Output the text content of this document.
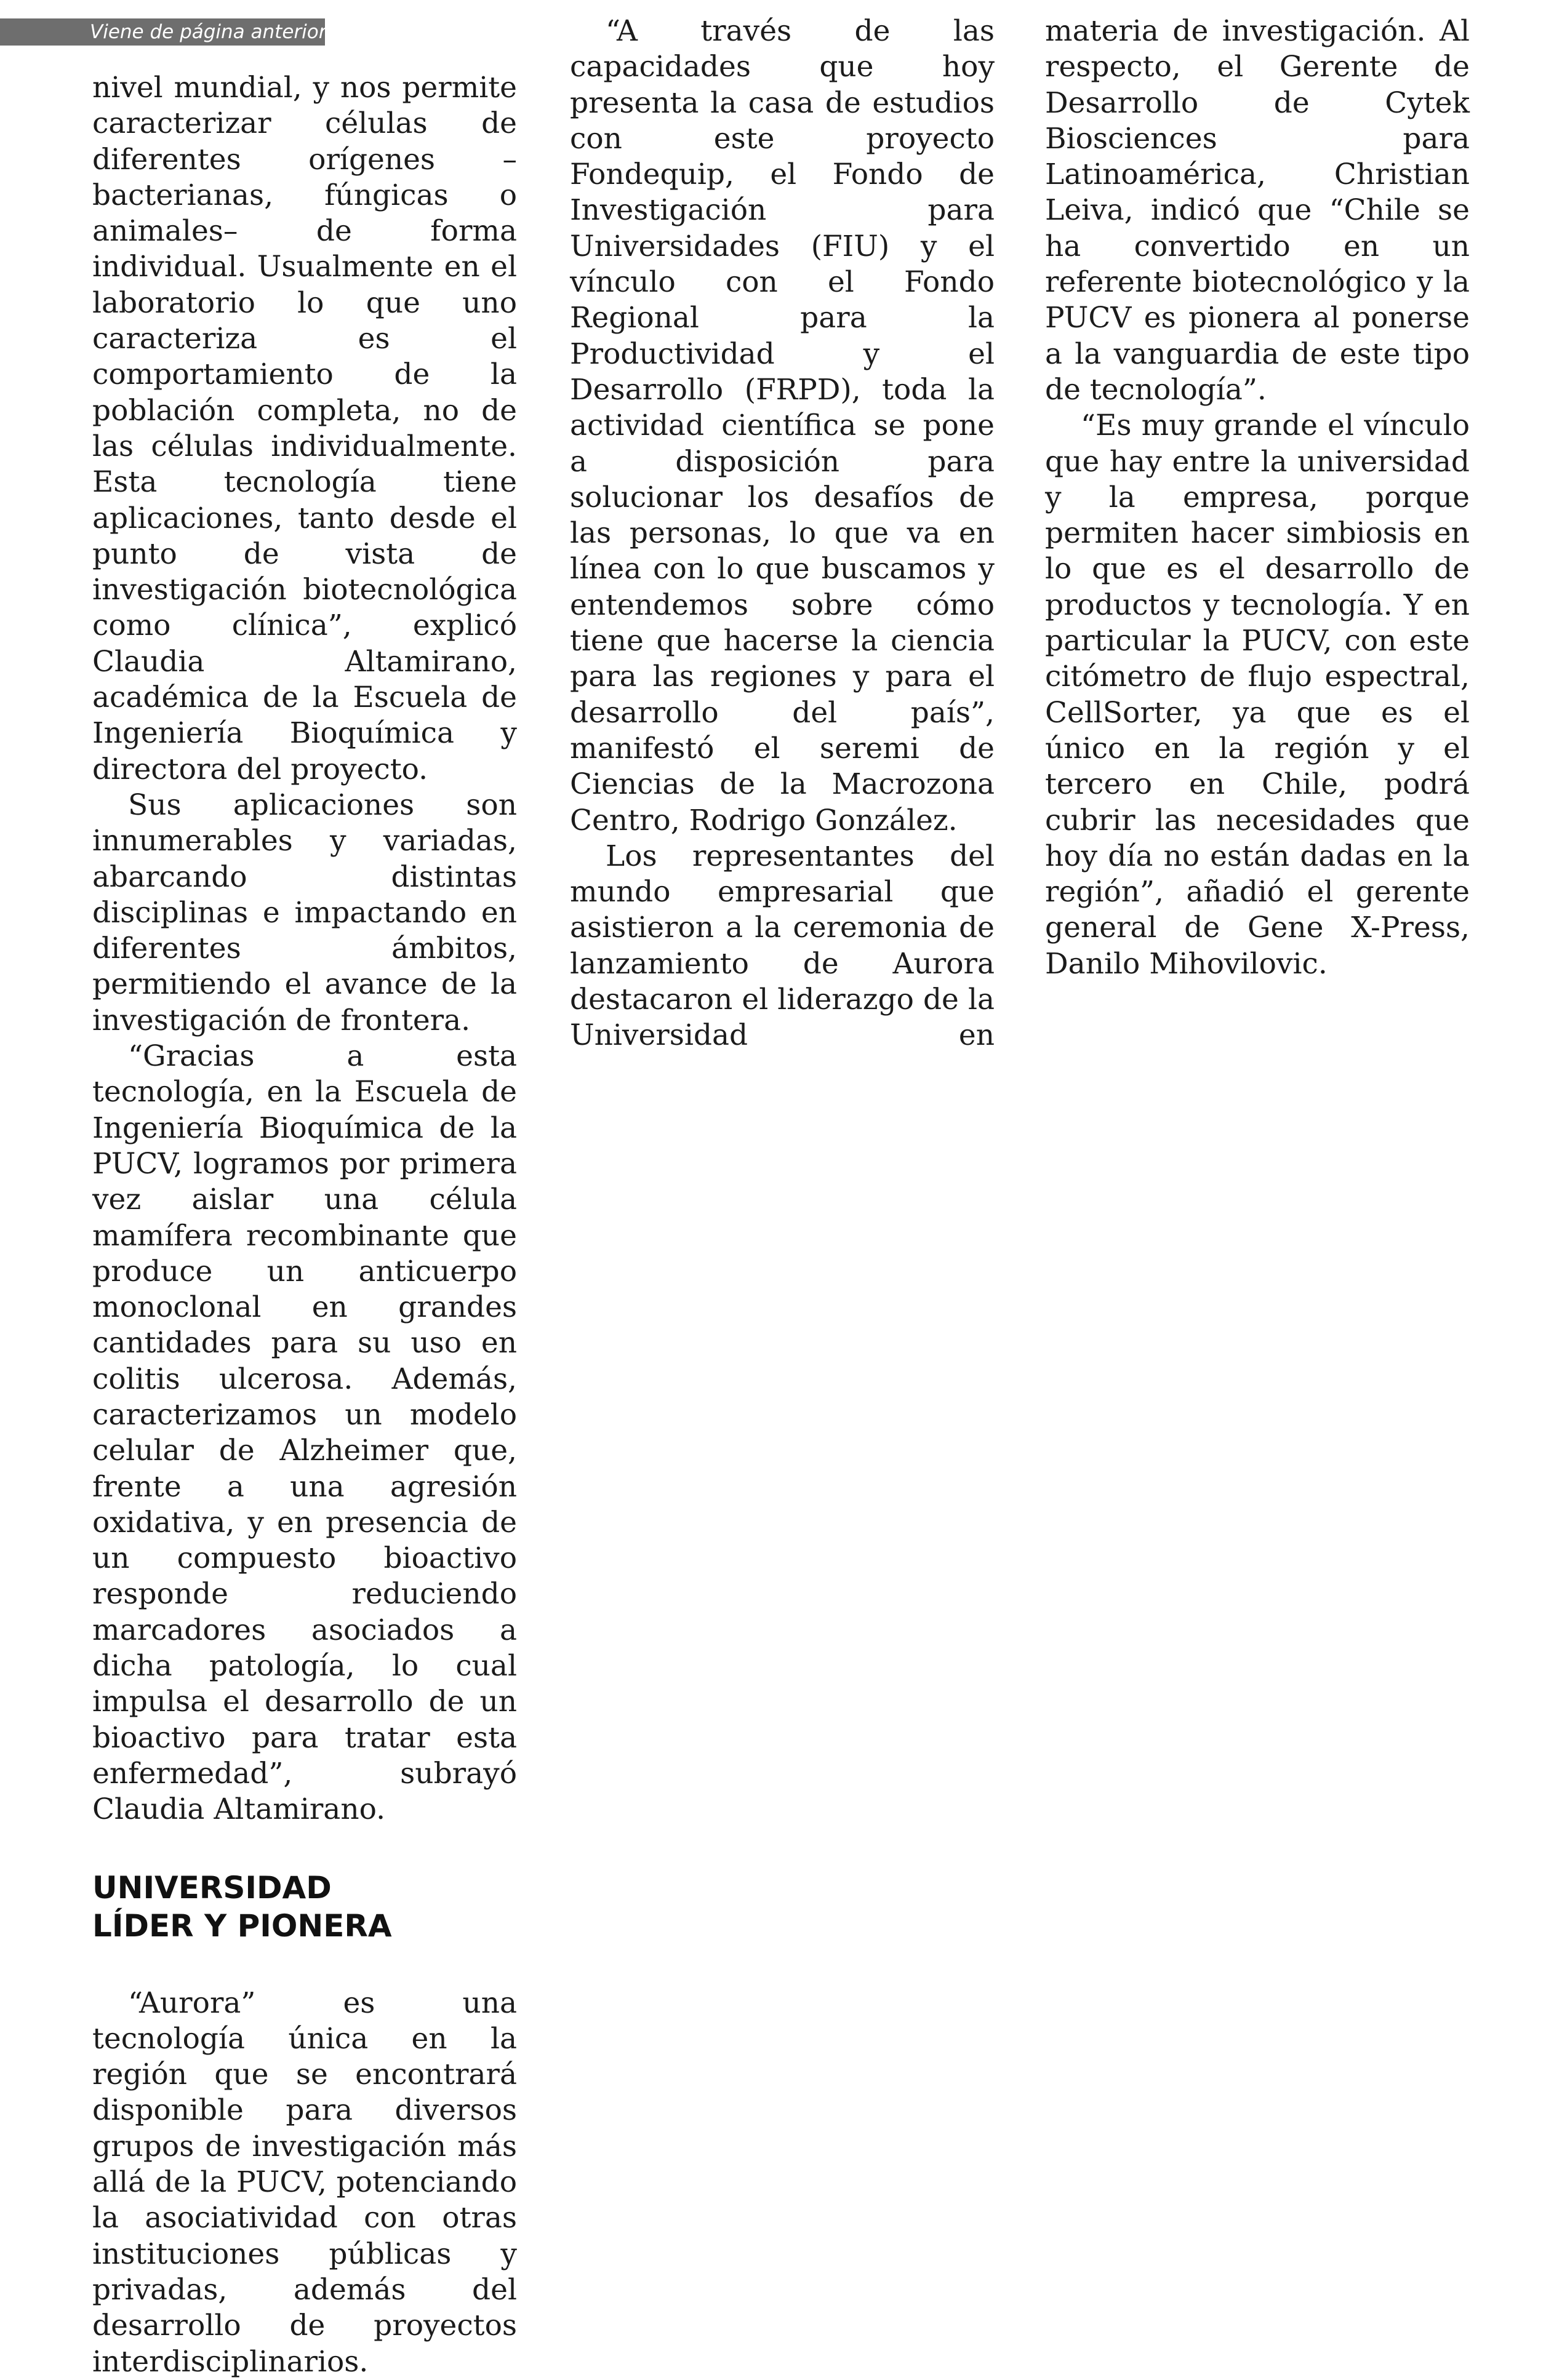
Viene de página anterior

nivel mundial, y nos permite caracterizar células de diferentes orígenes –bacterianas, fúngicas o animales– de forma individual. Usualmente en el laboratorio lo que uno caracteriza es el comportamiento de la población completa, no de las células individualmente. Esta tecnología tiene aplicaciones, tanto desde el punto de vista de investigación biotecnológica como clínica”, explicó Claudia Altamirano, académica de la Escuela de Ingeniería Bioquímica y directora del proyecto.

Sus aplicaciones son innumerables y variadas, abarcando distintas disciplinas e impactando en diferentes ámbitos, permitiendo el avance de la investigación de frontera.

“Gracias a esta tecnología, en la Escuela de Ingeniería Bioquímica de la PUCV, logramos por primera vez aislar una célula mamífera recombinante que produce un anticuerpo monoclonal en grandes cantidades para su uso en colitis ulcerosa. Además, caracterizamos un modelo celular de Alzheimer que, frente a una agresión oxidativa, y en presencia de un compuesto bioactivo responde reduciendo marcadores asociados a dicha patología, lo cual impulsa el desarrollo de un bioactivo para tratar esta enfermedad”, subrayó Claudia Altamirano.

UNIVERSIDAD
LÍDER Y PIONERA

“Aurora” es una tecnología única en la región que se encontrará disponible para diversos grupos de investigación más allá de la PUCV, potenciando la asociatividad con otras instituciones públicas y privadas, además del desarrollo de proyectos interdisciplinarios.

“A través de las capacidades que hoy presenta la casa de estudios con este proyecto Fondequip, el Fondo de Investigación para Universidades (FIU) y el vínculo con el Fondo Regional para la Productividad y el Desarrollo (FRPD), toda la actividad científica se pone a disposición para solucionar los desafíos de las personas, lo que va en línea con lo que buscamos y entendemos sobre cómo tiene que hacerse la ciencia para las regiones y para el desarrollo del país”, manifestó el seremi de Ciencias de la Macrozona Centro, Rodrigo González.

Los representantes del mundo empresarial que asistieron a la ceremonia de lanzamiento de Aurora destacaron el liderazgo de la Universidad en

materia de investigación. Al respecto, el Gerente de Desarrollo de Cytek Biosciences para Latinoamérica, Christian Leiva, indicó que “Chile se ha convertido en un referente biotecnológico y la PUCV es pionera al ponerse a la vanguardia de este tipo de tecnología”.

“Es muy grande el vínculo que hay entre la universidad y la empresa, porque permiten hacer simbiosis en lo que es el desarrollo de productos y tecnología. Y en particular la PUCV, con este citómetro de flujo espectral, CellSorter, ya que es el único en la región y el tercero en Chile, podrá cubrir las necesidades que hoy día no están dadas en la región”, añadió el gerente general de Gene X-Press, Danilo Mihovilovic.
